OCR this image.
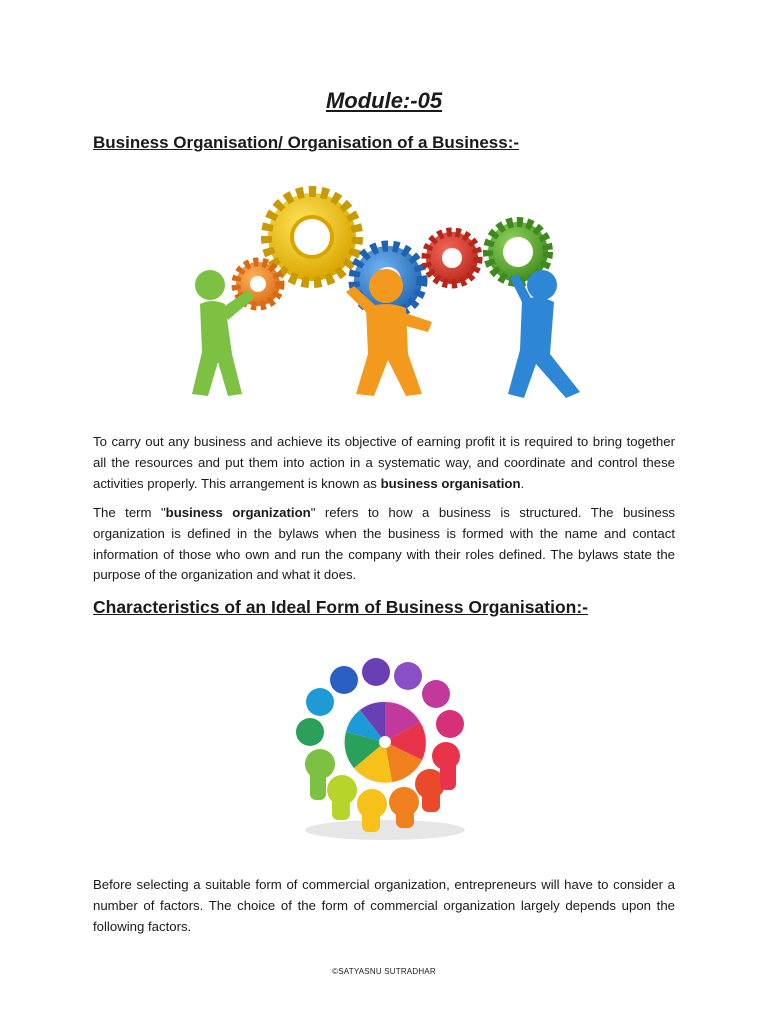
Module:-05
Business Organisation/ Organisation of a Business:-
To carry out any business and achieve its objective of earning profit it is required to bring together all the resources and put them into action in a systematic way, and coordinate and control these activities properly. This arrangement is known as business organisation.
The term "business organization" refers to how a business is structured. The business organization is defined in the bylaws when the business is formed with the name and contact information of those who own and run the company with their roles defined. The bylaws state the purpose of the organization and what it does.
Characteristics of an Ideal Form of Business Organisation:-
Before selecting a suitable form of commercial organization, entrepreneurs will have to consider a number of factors. The choice of the form of commercial organization largely depends upon the following factors.
©SATYASNU SUTRADHAR
